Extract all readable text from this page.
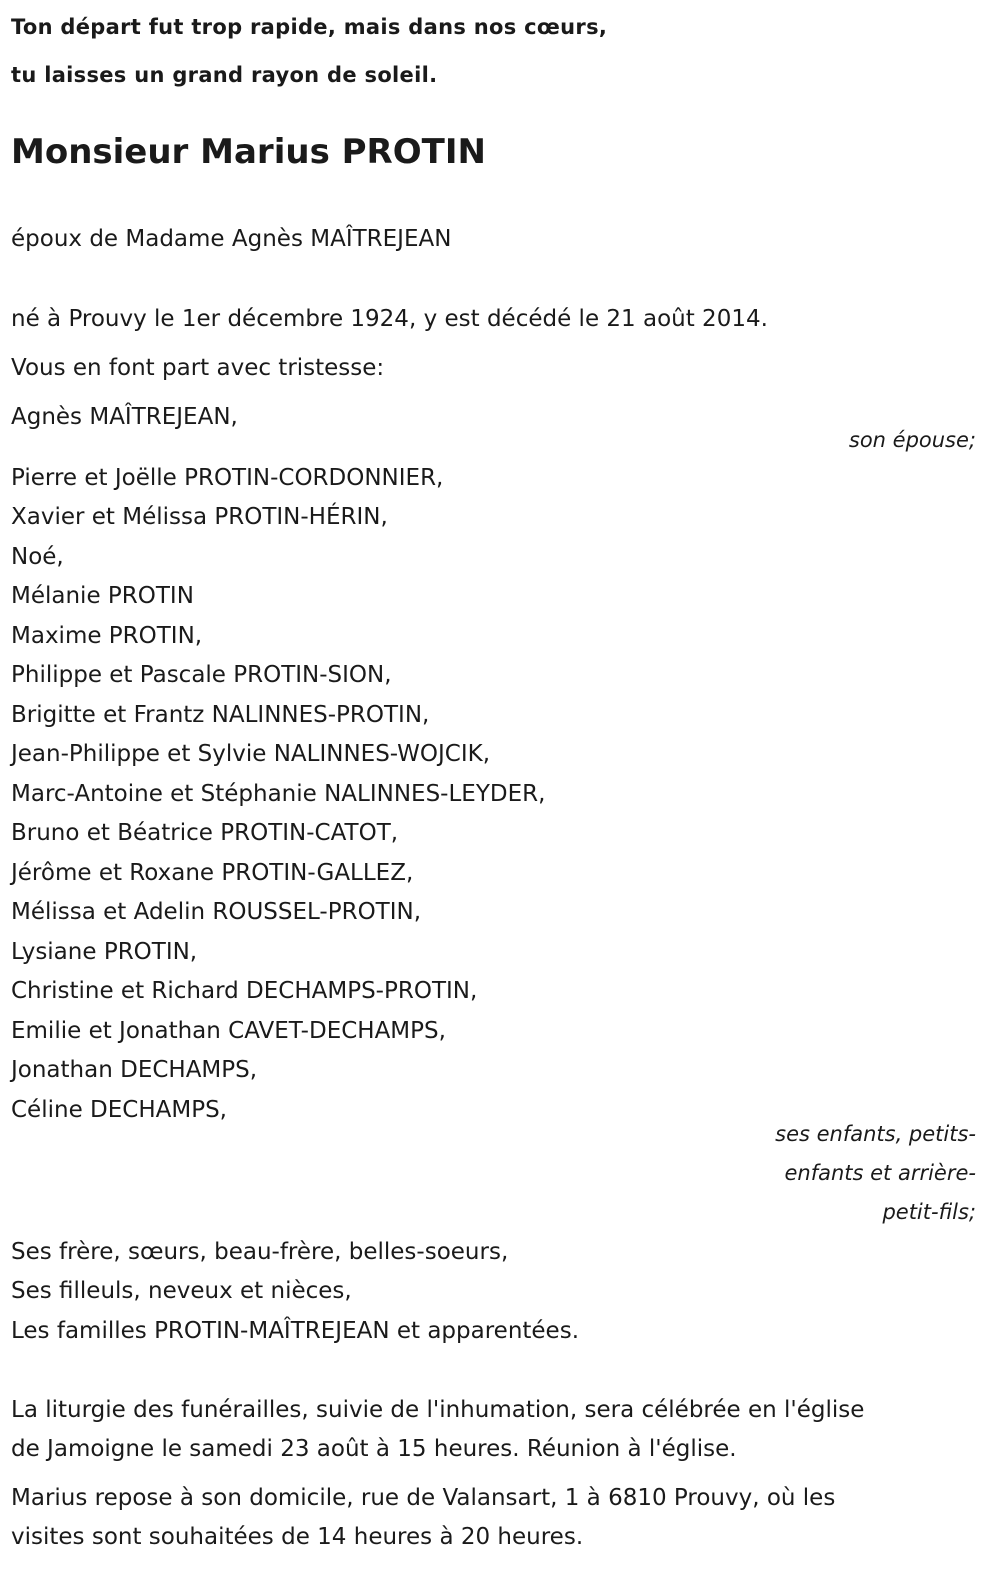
Ton départ fut trop rapide, mais dans nos cœurs,
tu laisses un grand rayon de soleil.
Monsieur Marius PROTIN
époux de Madame Agnès MAÎTREJEAN
né à Prouvy le 1er décembre 1924, y est décédé le 21 août 2014.
Vous en font part avec tristesse:
Agnès MAÎTREJEAN,
son épouse;
Pierre et Joëlle PROTIN-CORDONNIER,
Xavier et Mélissa PROTIN-HÉRIN,
Noé,
Mélanie PROTIN
Maxime PROTIN,
Philippe et Pascale PROTIN-SION,
Brigitte et Frantz NALINNES-PROTIN,
Jean-Philippe et Sylvie NALINNES-WOJCIK,
Marc-Antoine et Stéphanie NALINNES-LEYDER,
Bruno et Béatrice PROTIN-CATOT,
Jérôme et Roxane PROTIN-GALLEZ,
Mélissa et Adelin ROUSSEL-PROTIN,
Lysiane PROTIN,
Christine et Richard DECHAMPS-PROTIN,
Emilie et Jonathan CAVET-DECHAMPS,
Jonathan DECHAMPS,
Céline DECHAMPS,
ses enfants, petits-
enfants et arrière-
petit-fils;
Ses frère, sœurs, beau-frère, belles-soeurs,
Ses filleuls, neveux et nièces,
Les familles PROTIN-MAÎTREJEAN et apparentées.
La liturgie des funérailles, suivie de l'inhumation, sera célébrée en l'église
de Jamoigne le samedi 23 août à 15 heures. Réunion à l'église.
Marius repose à son domicile, rue de Valansart, 1 à 6810 Prouvy, où les
visites sont souhaitées de 14 heures à 20 heures.
